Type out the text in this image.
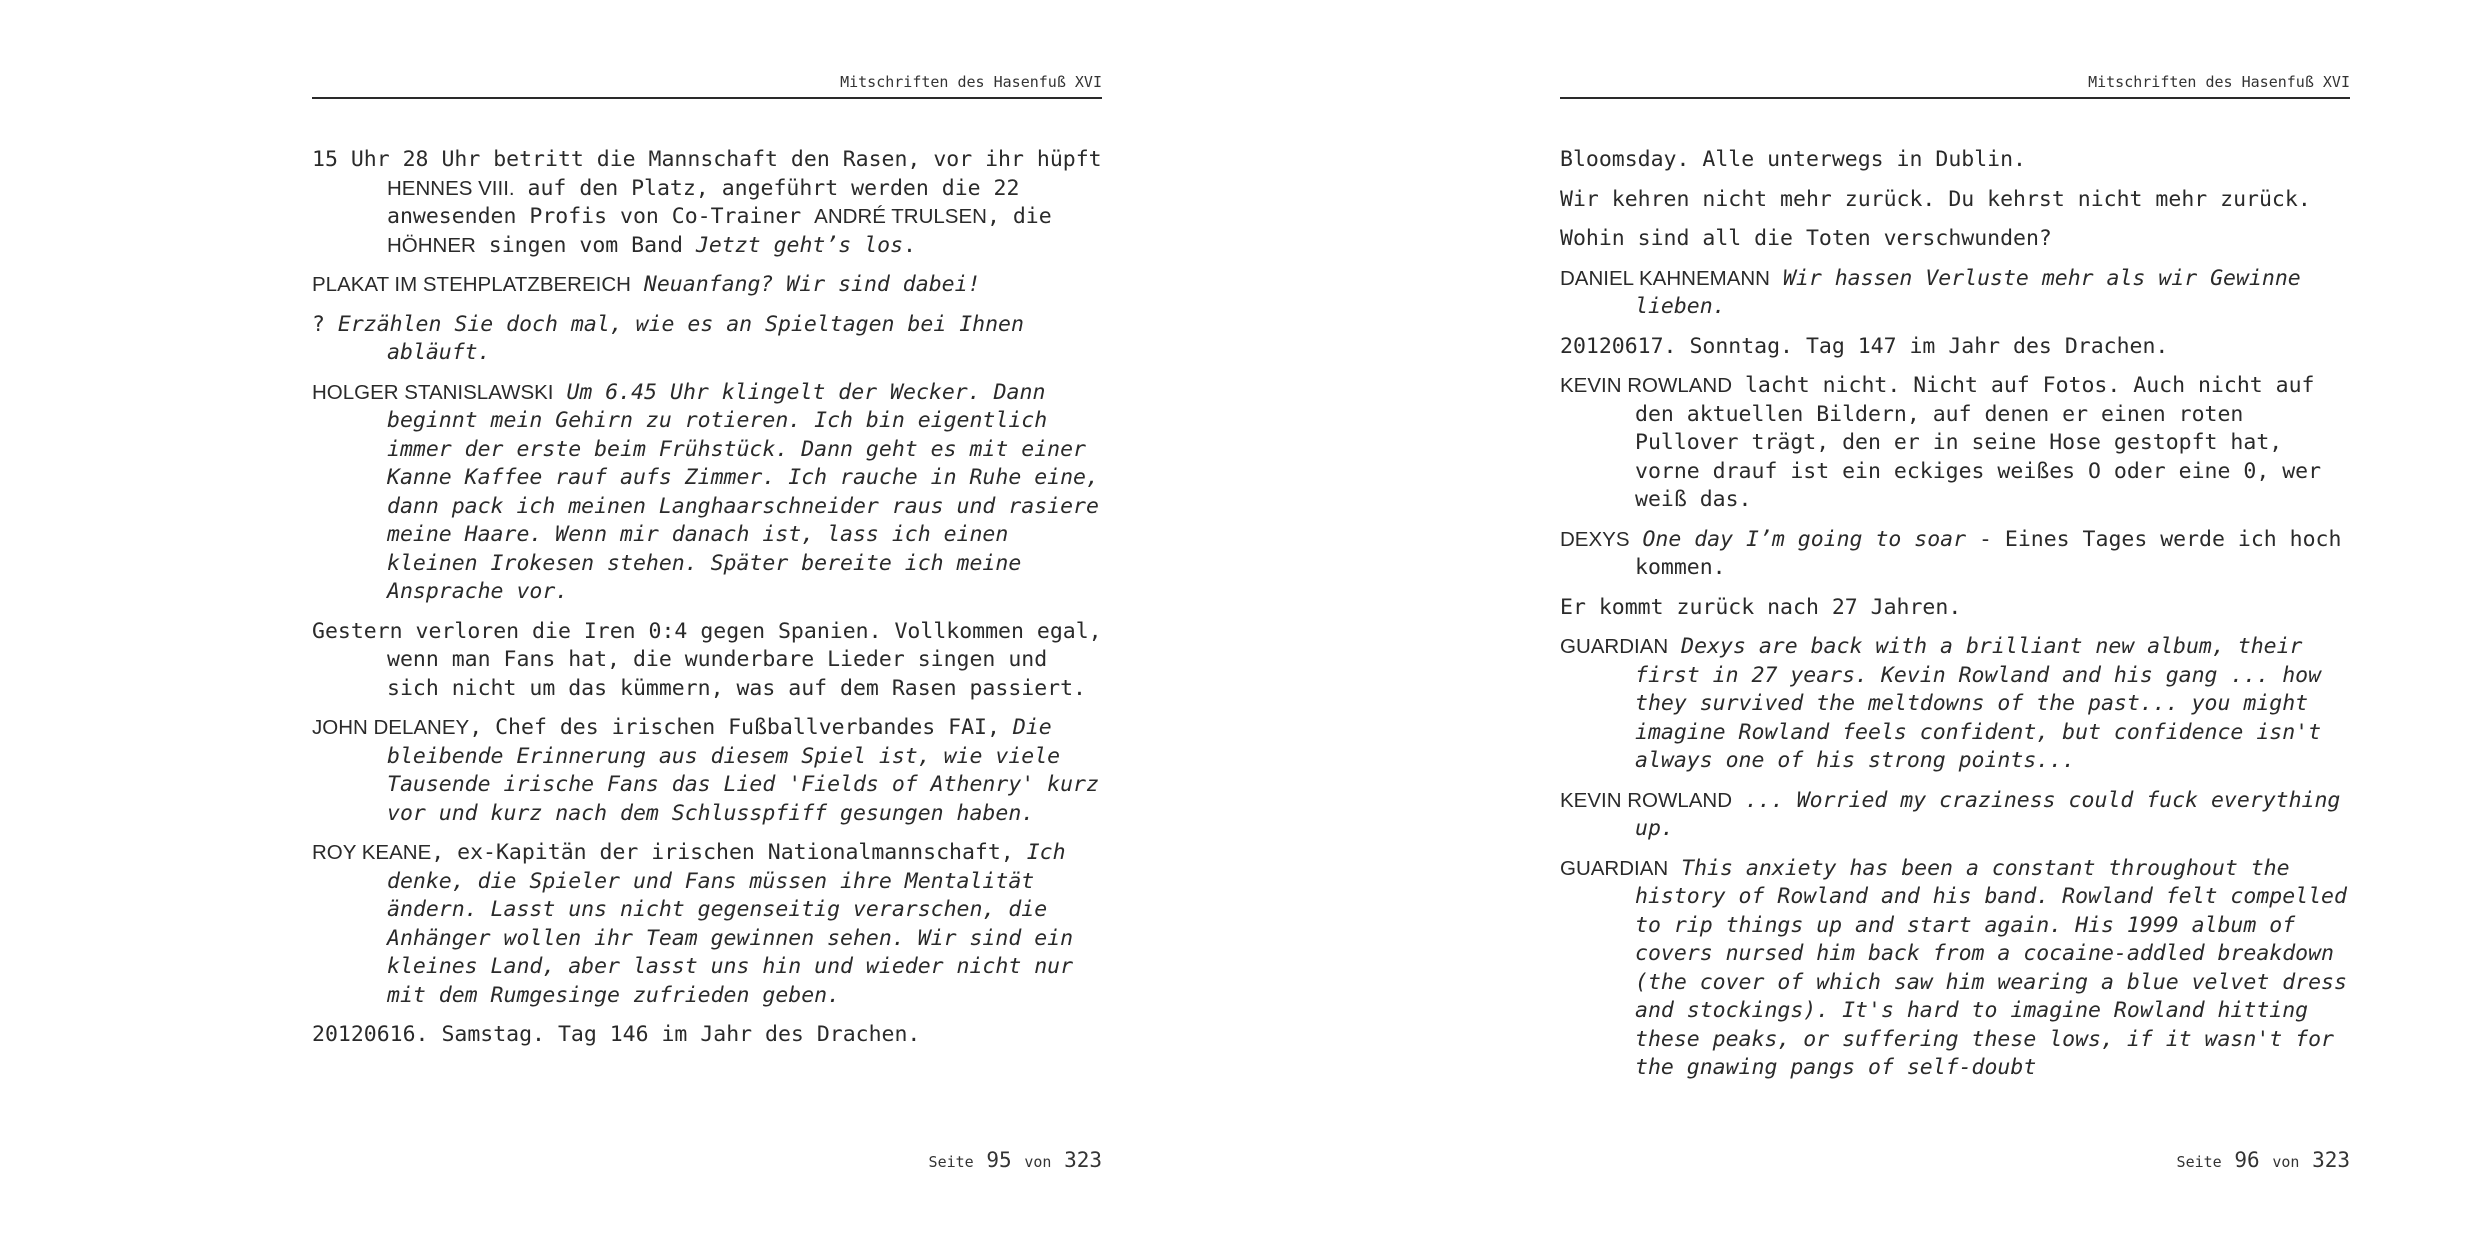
Mitschriften des Hasenfuß XVI

15 Uhr 28 Uhr betritt die Mannschaft den Rasen, vor ihr hüpft HENNES VIII. auf den Platz, angeführt werden die 22 anwesenden Profis von Co-Trainer ANDRÉ TRULSEN, die HÖHNER singen vom Band Jetzt geht’s los.

PLAKAT IM STEHPLATZBEREICH Neuanfang? Wir sind dabei!

? Erzählen Sie doch mal, wie es an Spieltagen bei Ihnen abläuft.

HOLGER STANISLAWSKI Um 6.45 Uhr klingelt der Wecker. Dann beginnt mein Gehirn zu rotieren. Ich bin eigentlich immer der erste beim Frühstück. Dann geht es mit einer Kanne Kaffee rauf aufs Zimmer. Ich rauche in Ruhe eine, dann pack ich meinen Langhaarschneider raus und rasiere meine Haare. Wenn mir danach ist, lass ich einen kleinen Irokesen stehen. Später bereite ich meine Ansprache vor.

Gestern verloren die Iren 0:4 gegen Spanien. Vollkommen egal, wenn man Fans hat, die wunderbare Lieder singen und sich nicht um das kümmern, was auf dem Rasen passiert.

JOHN DELANEY, Chef des irischen Fußballverbandes FAI, Die bleibende Erinnerung aus diesem Spiel ist, wie viele Tausende irische Fans das Lied 'Fields of Athenry' kurz vor und kurz nach dem Schlusspfiff gesungen haben.

ROY KEANE, ex-Kapitän der irischen Nationalmannschaft, Ich denke, die Spieler und Fans müssen ihre Mentalität ändern. Lasst uns nicht gegenseitig verarschen, die Anhänger wollen ihr Team gewinnen sehen. Wir sind ein kleines Land, aber lasst uns hin und wieder nicht nur mit dem Rumgesinge zufrieden geben.

20120616. Samstag. Tag 146 im Jahr des Drachen.

Seite 95 von 323
Mitschriften des Hasenfuß XVI

Bloomsday. Alle unterwegs in Dublin.

Wir kehren nicht mehr zurück. Du kehrst nicht mehr zurück.

Wohin sind all die Toten verschwunden?

DANIEL KAHNEMANN Wir hassen Verluste mehr als wir Gewinne lieben.

20120617. Sonntag. Tag 147 im Jahr des Drachen.

KEVIN ROWLAND lacht nicht. Nicht auf Fotos. Auch nicht auf den aktuellen Bildern, auf denen er einen roten Pullover trägt, den er in seine Hose gestopft hat, vorne drauf ist ein eckiges weißes O oder eine 0, wer weiß das.

DEXYS One day I’m going to soar - Eines Tages werde ich hoch kommen.

Er kommt zurück nach 27 Jahren.

GUARDIAN Dexys are back with a brilliant new album, their first in 27 years. Kevin Rowland and his gang ... how they survived the meltdowns of the past... you might imagine Rowland feels confident, but confidence isn't always one of his strong points...

KEVIN ROWLAND ... Worried my craziness could fuck everything up.

GUARDIAN This anxiety has been a constant throughout the history of Rowland and his band. Rowland felt compelled to rip things up and start again. His 1999 album of covers nursed him back from a cocaine-addled breakdown (the cover of which saw him wearing a blue velvet dress and stockings). It's hard to imagine Rowland hitting these peaks, or suffering these lows, if it wasn't for the gnawing pangs of self-doubt

Seite 96 von 323
